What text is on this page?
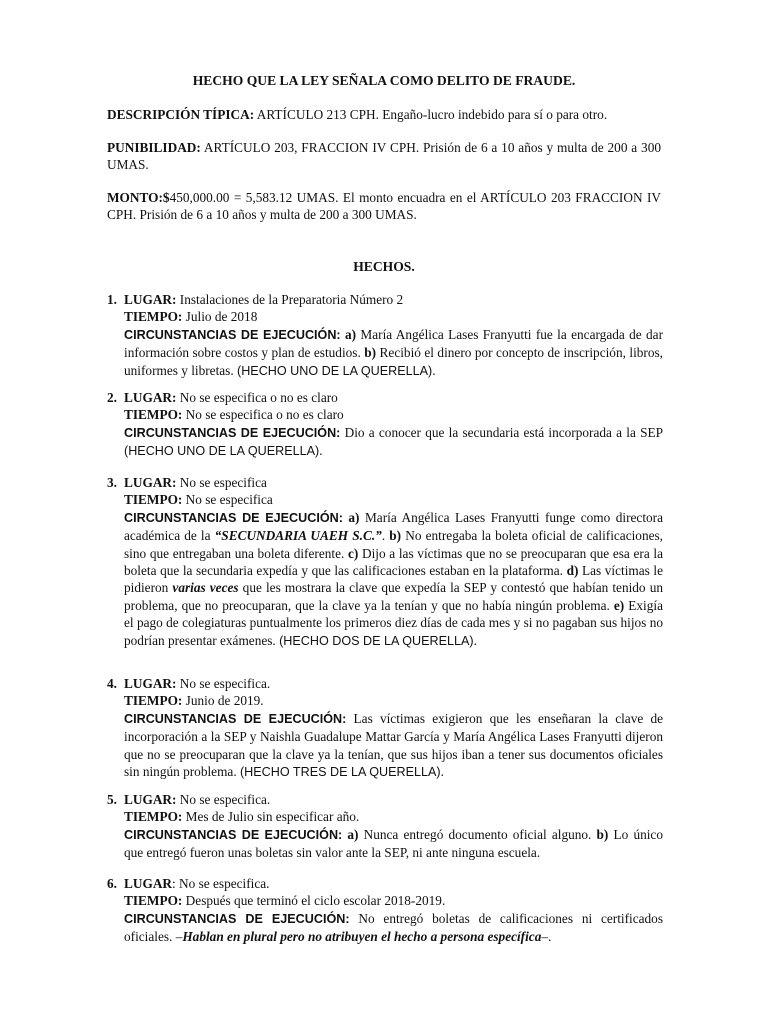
HECHO QUE LA LEY SEÑALA COMO DELITO DE FRAUDE.
DESCRIPCIÓN TÍPICA: ARTÍCULO 213 CPH. Engaño-lucro indebido para sí o para otro.
PUNIBILIDAD: ARTÍCULO 203, FRACCION IV CPH. Prisión de 6 a 10 años y multa de 200 a 300 UMAS.
MONTO:$450,000.00 = 5,583.12 UMAS. El monto encuadra en el ARTÍCULO 203 FRACCION IV CPH. Prisión de 6 a 10 años y multa de 200 a 300 UMAS.
HECHOS.
1. LUGAR: Instalaciones de la Preparatoria Número 2
TIEMPO: Julio de 2018
CIRCUNSTANCIAS DE EJECUCIÓN: a) María Angélica Lases Franyutti fue la encargada de dar información sobre costos y plan de estudios. b) Recibió el dinero por concepto de inscripción, libros, uniformes y libretas. (HECHO UNO DE LA QUERELLA).
2. LUGAR: No se especifica o no es claro
TIEMPO: No se especifica o no es claro
CIRCUNSTANCIAS DE EJECUCIÓN: Dio a conocer que la secundaria está incorporada a la SEP (HECHO UNO DE LA QUERELLA).
3. LUGAR: No se especifica
TIEMPO: No se especifica
CIRCUNSTANCIAS DE EJECUCIÓN: a) María Angélica Lases Franyutti funge como directora académica de la “SECUNDARIA UAEH S.C.”. b) No entregaba la boleta oficial de calificaciones, sino que entregaban una boleta diferente. c) Dijo a las víctimas que no se preocuparan que esa era la boleta que la secundaria expedía y que las calificaciones estaban en la plataforma. d) Las víctimas le pidieron varias veces que les mostrara la clave que expedía la SEP y contestó que habían tenido un problema, que no preocuparan, que la clave ya la tenían y que no había ningún problema. e) Exigía el pago de colegiaturas puntualmente los primeros diez días de cada mes y si no pagaban sus hijos no podrían presentar exámenes. (HECHO DOS DE LA QUERELLA).
4. LUGAR: No se especifica.
TIEMPO: Junio de 2019.
CIRCUNSTANCIAS DE EJECUCIÓN: Las víctimas exigieron que les enseñaran la clave de incorporación a la SEP y Naishla Guadalupe Mattar García y María Angélica Lases Franyutti dijeron que no se preocuparan que la clave ya la tenían, que sus hijos iban a tener sus documentos oficiales sin ningún problema. (HECHO TRES DE LA QUERELLA).
5. LUGAR: No se especifica.
TIEMPO: Mes de Julio sin especificar año.
CIRCUNSTANCIAS DE EJECUCIÓN: a) Nunca entregó documento oficial alguno. b) Lo único que entregó fueron unas boletas sin valor ante la SEP, ni ante ninguna escuela.
6. LUGAR: No se especifica.
TIEMPO: Después que terminó el ciclo escolar 2018-2019.
CIRCUNSTANCIAS DE EJECUCIÓN: No entregó boletas de calificaciones ni certificados oficiales. –Hablan en plural pero no atribuyen el hecho a persona específica–.
